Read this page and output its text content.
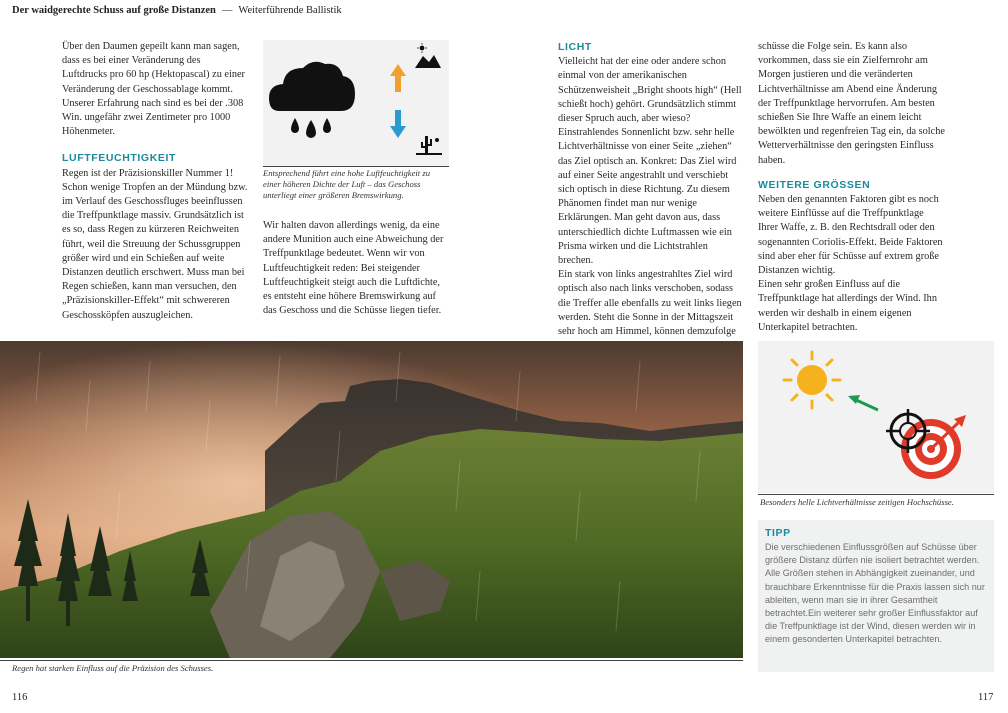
Der waidgerechte Schuss auf große Distanzen — Weiterführende Ballistik

Über den Daumen gepeilt kann man sagen, dass es bei einer Veränderung des Luftdrucks pro 60 hp (Hektopascal) zu einer Veränderung der Geschossablage kommt. Unserer Erfahrung nach sind es bei der .308 Win. ungefähr zwei Zentimeter pro 1000 Höhenmeter.

LUFTFEUCHTIGKEIT

Regen ist der Präzisionskiller Nummer 1! Schon wenige Tropfen an der Mündung bzw. im Verlauf des Geschossfluges beeinflussen die Treffpunktlage massiv. Grundsätzlich ist es so, dass Regen zu kürzeren Reichweiten führt, weil die Streuung der Schussgruppen größer wird und ein Schießen auf weite Distanzen deutlich erschwert. Muss man bei Regen schießen, kann man versuchen, den „Präzisionskiller-Effekt“ mit schwereren Geschossköpfen auszugleichen.

Entsprechend führt eine hohe Luftfeuchtigkeit zu einer höheren Dichte der Luft – das Geschoss unterliegt einer größeren Bremswirkung.

Wir halten davon allerdings wenig, da eine andere Munition auch eine Abweichung der Treffpunktlage bedeutet. Wenn wir von Luftfeuchtigkeit reden: Bei steigender Luftfeuchtigkeit steigt auch die Luftdichte, es entsteht eine höhere Bremswirkung auf das Geschoss und die Schüsse liegen tiefer.

LICHT

Vielleicht hat der eine oder andere schon einmal von der amerikanischen Schützenweisheit „Bright shoots high“ (Hell schießt hoch) gehört. Grundsätzlich stimmt dieser Spruch auch, aber wieso?

Einstrahlendes Sonnenlicht bzw. sehr helle Lichtverhältnisse von einer Seite „ziehen“ das Ziel optisch an. Konkret: Das Ziel wird auf einer Seite angestrahlt und verschiebt sich optisch in diese Richtung. Zu diesem Phänomen findet man nur wenige Erklärungen. Man geht davon aus, dass unterschiedlich dichte Luftmassen wie ein Prisma wirken und die Lichtstrahlen brechen.

Ein stark von links angestrahltes Ziel wird optisch also nach links verschoben, sodass die Treffer alle ebenfalls zu weit links liegen werden. Steht die Sonne in der Mittagszeit sehr hoch am Himmel, können demzufolge

schüsse die Folge sein. Es kann also vorkommen, dass sie ein Zielfernrohr am Morgen justieren und die veränderten Lichtverhältnisse am Abend eine Änderung der Treffpunktlage hervorrufen. Am besten schießen Sie Ihre Waffe an einem leicht bewölkten und regenfreien Tag ein, da solche Wetterverhältnisse den geringsten Einfluss haben.

WEITERE GRÖSSEN

Neben den genannten Faktoren gibt es noch weitere Einflüsse auf die Treffpunktlage Ihrer Waffe, z. B. den Rechtsdrall oder den sogenannten Coriolis-Effekt. Beide Faktoren sind aber eher für Schüsse auf extrem große Distanzen wichtig.

Einen sehr großen Einfluss auf die Treffpunktlage hat allerdings der Wind. Ihn werden wir deshalb in einem eigenen Unterkapitel betrachten.

Regen hat starken Einfluss auf die Präzision des Schusses.
Besonders helle Lichtverhältnisse zeitigen Hochschüsse.
TIPP
Die verschiedenen Einflussgrößen auf Schüsse über größere Distanz dürfen nie isoliert betrachtet werden. Alle Größen stehen in Abhängigkeit zueinander, und brauchbare Erkenntnisse für die Praxis lassen sich nur ableiten, wenn man sie in ihrer Gesamtheit betrachtet.Ein weiterer sehr großer Einflussfaktor auf die Treffpunktlage ist der Wind, diesen werden wir in einem gesonderten Unterkapitel betrachten.
116	117
